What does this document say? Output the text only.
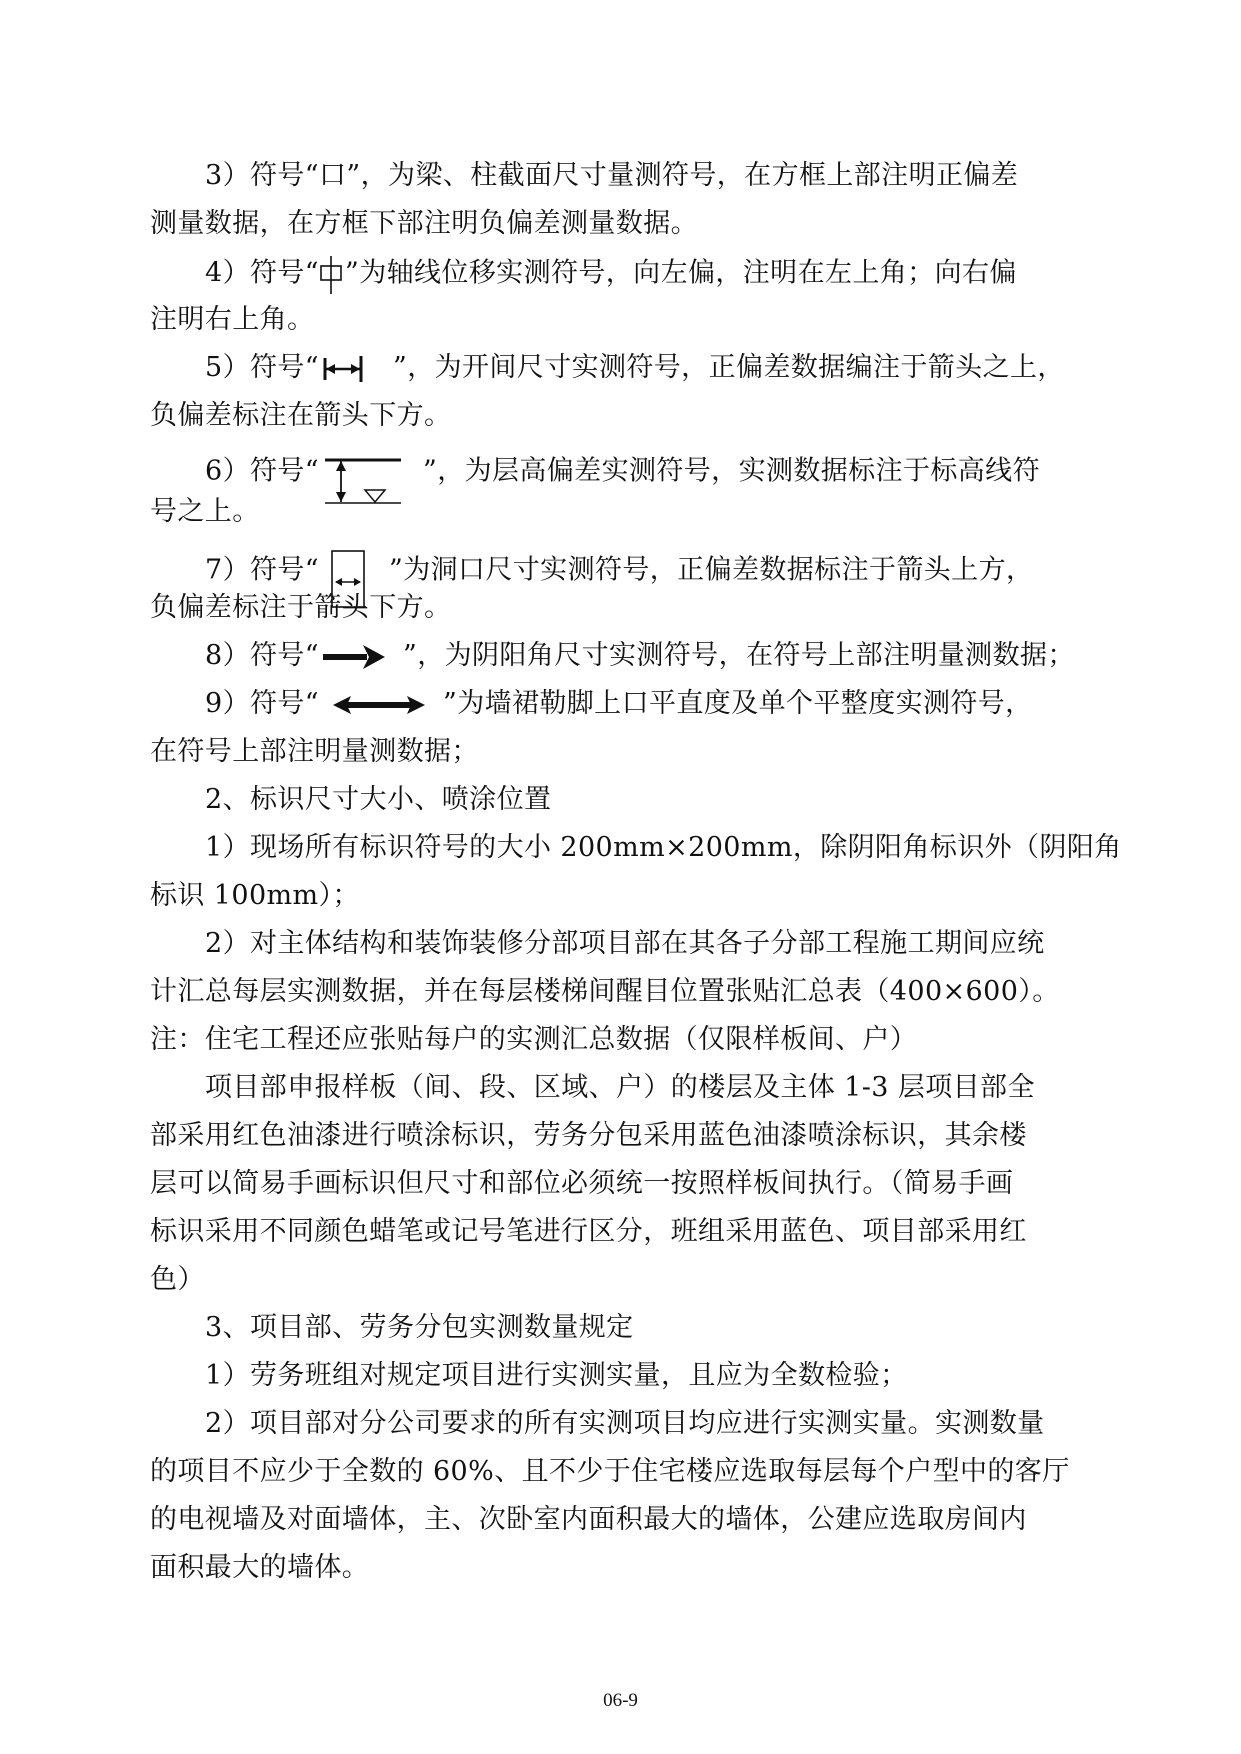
3）符号“口”，为梁、柱截面尺寸量测符号，在方框上部注明正偏差
测量数据，在方框下部注明负偏差测量数据。
4）符号“ ”为轴线位移实测符号，向左偏，注明在左上角；向右偏
注明右上角。
5）符号“	”，为开间尺寸实测符号，正偏差数据编注于箭头之上，
负偏差标注在箭头下方。
6）符号“	”，为层高偏差实测符号，实测数据标注于标高线符
号之上。
7）符号“	”为洞口尺寸实测符号，正偏差数据标注于箭头上方，
负偏差标注于箭头下方。
8）符号“	”，为阴阳角尺寸实测符号，在符号上部注明量测数据；
9）符号“	”为墙裙勒脚上口平直度及单个平整度实测符号，
在符号上部注明量测数据；
2、标识尺寸大小、喷涂位置
1）现场所有标识符号的大小 200mm×200mm，除阴阳角标识外（阴阳角
标识 100mm）；
2）对主体结构和装饰装修分部项目部在其各子分部工程施工期间应统
计汇总每层实测数据，并在每层楼梯间醒目位置张贴汇总表（400×600）。
注：住宅工程还应张贴每户的实测汇总数据（仅限样板间、户）
项目部申报样板（间、段、区域、户）的楼层及主体 1-3 层项目部全
部采用红色油漆进行喷涂标识，劳务分包采用蓝色油漆喷涂标识，其余楼
层可以简易手画标识但尺寸和部位必须统一按照样板间执行。（简易手画
标识采用不同颜色蜡笔或记号笔进行区分，班组采用蓝色、项目部采用红
色）
3、项目部、劳务分包实测数量规定
1）劳务班组对规定项目进行实测实量，且应为全数检验；
2）项目部对分公司要求的所有实测项目均应进行实测实量。实测数量
的项目不应少于全数的 60%、且不少于住宅楼应选取每层每个户型中的客厅
的电视墙及对面墙体，主、次卧室内面积最大的墙体，公建应选取房间内
面积最大的墙体。
06-9
